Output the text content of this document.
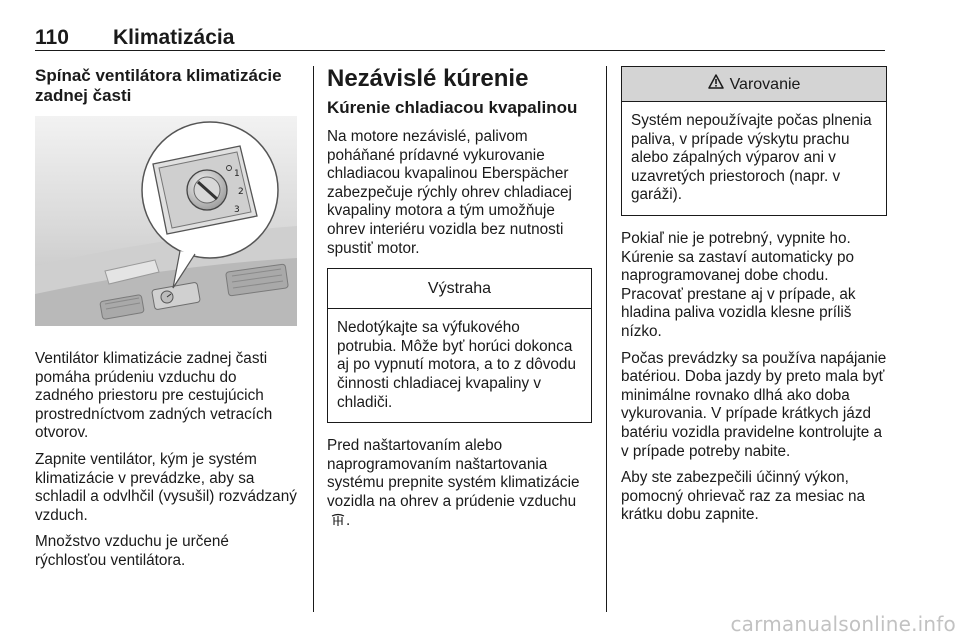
110 Klimatizácia
Spínač ventilátora klimatizácie zadnej časti
1
2
3

Ventilátor klimatizácie zadnej časti pomáha prúdeniu vzduchu do zadného priestoru pre cestujúcich prostredníctvom zadných vetracích otvorov.

Zapnite ventilátor, kým je systém klimatizácie v prevádzke, aby sa schladil a odvlhčil (vysušil) rozvádzaný vzduch.

Množstvo vzduchu je určené rýchlosťou ventilátora.

Nezávislé kúrenie
Kúrenie chladiacou kvapalinou

Na motore nezávislé, palivom poháňané prídavné vykurovanie chladiacou kvapalinou Eberspächer zabezpečuje rýchly ohrev chladiacej kvapaliny motora a tým umožňuje ohrev interiéru vozidla bez nutnosti spustiť motor.

Výstraha

Nedotýkajte sa výfukového potrubia. Môže byť horúci dokonca aj po vypnutí motora, a to z dôvodu činnosti chladiacej kvapaliny v chladiči.

Pred naštartovaním alebo naprogramovaním naštartovania systému prepnite systém klimatizácie vozidla na ohrev a prúdenie vzduchu.

Varovanie

Systém nepoužívajte počas plnenia paliva, v prípade výskytu prachu alebo zápalných výparov ani v uzavretých priestoroch (napr. v garáži).

Pokiaľ nie je potrebný, vypnite ho. Kúrenie sa zastaví automaticky po naprogramovanej dobe chodu. Pracovať prestane aj v prípade, ak hladina paliva vozidla klesne príliš nízko.

Počas prevádzky sa používa napájanie batériou. Doba jazdy by preto mala byť minimálne rovnako dlhá ako doba vykurovania. V prípade krátkych jázd batériu vozidla pravidelne kontrolujte a v prípade potreby nabite.

Aby ste zabezpečili účinný výkon, pomocný ohrievač raz za mesiac na krátku dobu zapnite.

carmanualsonline.info
